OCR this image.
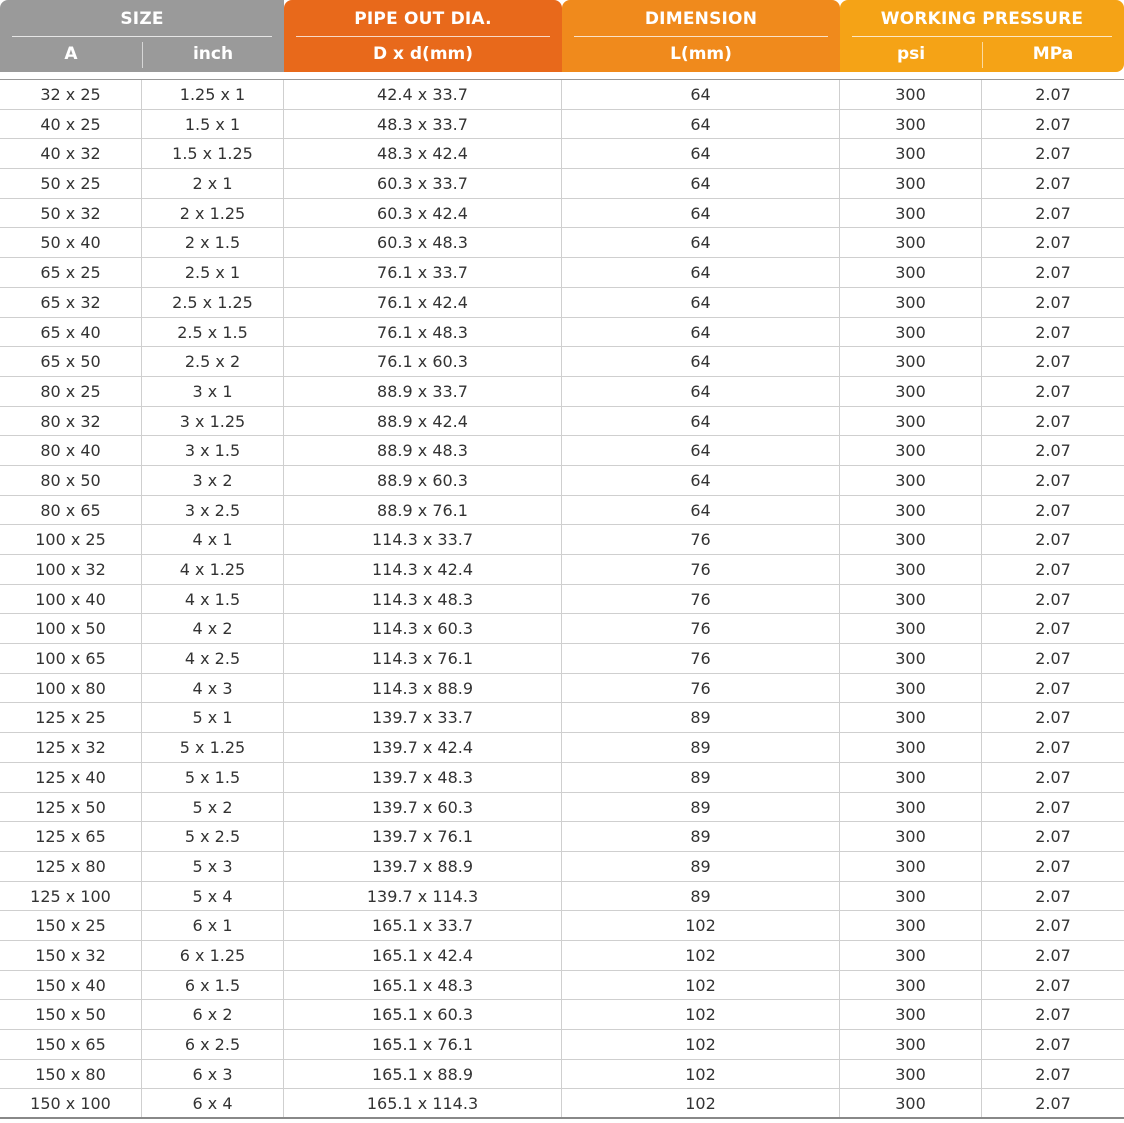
SIZE
A	inch
PIPE OUT DIA.
D x d(mm)
DIMENSION
L(mm)
WORKING PRESSURE
psi	MPa
32 x 25	1.25 x 1	42.4 x 33.7	64	300	2.07
40 x 25	1.5 x 1	48.3 x 33.7	64	300	2.07
40 x 32	1.5 x 1.25	48.3 x 42.4	64	300	2.07
50 x 25	2 x 1	60.3 x 33.7	64	300	2.07
50 x 32	2 x 1.25	60.3 x 42.4	64	300	2.07
50 x 40	2 x 1.5	60.3 x 48.3	64	300	2.07
65 x 25	2.5 x 1	76.1 x 33.7	64	300	2.07
65 x 32	2.5 x 1.25	76.1 x 42.4	64	300	2.07
65 x 40	2.5 x 1.5	76.1 x 48.3	64	300	2.07
65 x 50	2.5 x 2	76.1 x 60.3	64	300	2.07
80 x 25	3 x 1	88.9 x 33.7	64	300	2.07
80 x 32	3 x 1.25	88.9 x 42.4	64	300	2.07
80 x 40	3 x 1.5	88.9 x 48.3	64	300	2.07
80 x 50	3 x 2	88.9 x 60.3	64	300	2.07
80 x 65	3 x 2.5	88.9 x 76.1	64	300	2.07
100 x 25	4 x 1	114.3 x 33.7	76	300	2.07
100 x 32	4 x 1.25	114.3 x 42.4	76	300	2.07
100 x 40	4 x 1.5	114.3 x 48.3	76	300	2.07
100 x 50	4 x 2	114.3 x 60.3	76	300	2.07
100 x 65	4 x 2.5	114.3 x 76.1	76	300	2.07
100 x 80	4 x 3	114.3 x 88.9	76	300	2.07
125 x 25	5 x 1	139.7 x 33.7	89	300	2.07
125 x 32	5 x 1.25	139.7 x 42.4	89	300	2.07
125 x 40	5 x 1.5	139.7 x 48.3	89	300	2.07
125 x 50	5 x 2	139.7 x 60.3	89	300	2.07
125 x 65	5 x 2.5	139.7 x 76.1	89	300	2.07
125 x 80	5 x 3	139.7 x 88.9	89	300	2.07
125 x 100	5 x 4	139.7 x 114.3	89	300	2.07
150 x 25	6 x 1	165.1 x 33.7	102	300	2.07
150 x 32	6 x 1.25	165.1 x 42.4	102	300	2.07
150 x 40	6 x 1.5	165.1 x 48.3	102	300	2.07
150 x 50	6 x 2	165.1 x 60.3	102	300	2.07
150 x 65	6 x 2.5	165.1 x 76.1	102	300	2.07
150 x 80	6 x 3	165.1 x 88.9	102	300	2.07
150 x 100	6 x 4	165.1 x 114.3	102	300	2.07
